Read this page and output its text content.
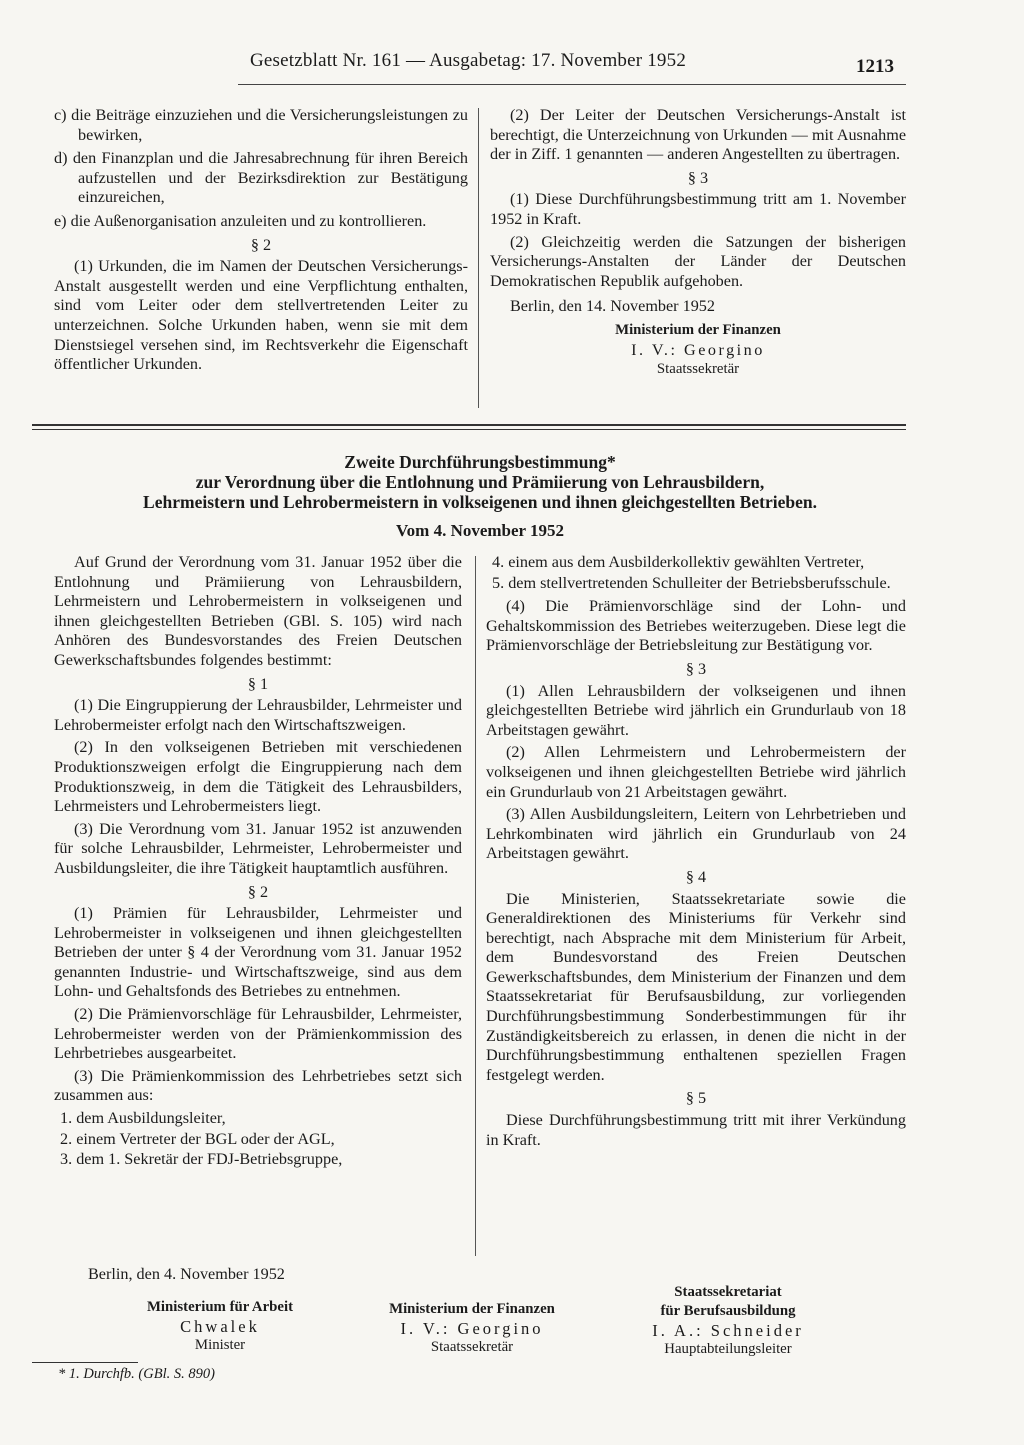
Gesetzblatt Nr. 161 — Ausgabetag: 17. November 1952	1213
c) die Beiträge einzuziehen und die Versicherungsleistungen zu bewirken,
d) den Finanzplan und die Jahresabrechnung für ihren Bereich aufzustellen und der Bezirksdirektion zur Bestätigung einzureichen,
e) die Außenorganisation anzuleiten und zu kontrollieren.
§ 2

(1) Urkunden, die im Namen der Deutschen Versicherungs-Anstalt ausgestellt werden und eine Verpflichtung enthalten, sind vom Leiter oder dem stellvertretenden Leiter zu unterzeichnen. Solche Urkunden haben, wenn sie mit dem Dienstsiegel versehen sind, im Rechtsverkehr die Eigenschaft öffentlicher Urkunden.

(2) Der Leiter der Deutschen Versicherungs-Anstalt ist berechtigt, die Unterzeichnung von Urkunden — mit Ausnahme der in Ziff. 1 genannten — anderen Angestellten zu übertragen.

§ 3

(1) Diese Durchführungsbestimmung tritt am 1. November 1952 in Kraft.

(2) Gleichzeitig werden die Satzungen der bisherigen Versicherungs-Anstalten der Länder der Deutschen Demokratischen Republik aufgehoben.

Berlin, den 14. November 1952

Ministerium der Finanzen
I. V.: Georgino
Staatssekretär
Zweite Durchführungsbestimmung*
zur Verordnung über die Entlohnung und Prämiierung von Lehrausbildern,
Lehrmeistern und Lehrobermeistern in volkseigenen und ihnen gleichgestellten Betrieben.
Vom 4. November 1952

Auf Grund der Verordnung vom 31. Januar 1952 über die Entlohnung und Prämiierung von Lehrausbildern, Lehrmeistern und Lehrobermeistern in volkseigenen und ihnen gleichgestellten Betrieben (GBl. S. 105) wird nach Anhören des Bundesvorstandes des Freien Deutschen Gewerkschaftsbundes folgendes bestimmt:

§ 1

(1) Die Eingruppierung der Lehrausbilder, Lehrmeister und Lehrobermeister erfolgt nach den Wirtschaftszweigen.

(2) In den volkseigenen Betrieben mit verschiedenen Produktionszweigen erfolgt die Eingruppierung nach dem Produktionszweig, in dem die Tätigkeit des Lehrausbilders, Lehrmeisters und Lehrobermeisters liegt.

(3) Die Verordnung vom 31. Januar 1952 ist anzuwenden für solche Lehrausbilder, Lehrmeister, Lehrobermeister und Ausbildungsleiter, die ihre Tätigkeit hauptamtlich ausführen.

§ 2

(1) Prämien für Lehrausbilder, Lehrmeister und Lehrobermeister in volkseigenen und ihnen gleichgestellten Betrieben der unter § 4 der Verordnung vom 31. Januar 1952 genannten Industrie- und Wirtschaftszweige, sind aus dem Lohn- und Gehaltsfonds des Betriebes zu entnehmen.

(2) Die Prämienvorschläge für Lehrausbilder, Lehrmeister, Lehrobermeister werden von der Prämienkommission des Lehrbetriebes ausgearbeitet.

(3) Die Prämienkommission des Lehrbetriebes setzt sich zusammen aus:

1. dem Ausbildungsleiter,
2. einem Vertreter der BGL oder der AGL,
3. dem 1. Sekretär der FDJ-Betriebsgruppe,
4. einem aus dem Ausbilderkollektiv gewählten Vertreter,
5. dem stellvertretenden Schulleiter der Betriebsberufsschule.

(4) Die Prämienvorschläge sind der Lohn- und Gehaltskommission des Betriebes weiterzugeben. Diese legt die Prämienvorschläge der Betriebsleitung zur Bestätigung vor.

§ 3

(1) Allen Lehrausbildern der volkseigenen und ihnen gleichgestellten Betriebe wird jährlich ein Grundurlaub von 18 Arbeitstagen gewährt.

(2) Allen Lehrmeistern und Lehrobermeistern der volkseigenen und ihnen gleichgestellten Betriebe wird jährlich ein Grundurlaub von 21 Arbeitstagen gewährt.

(3) Allen Ausbildungsleitern, Leitern von Lehrbetrieben und Lehrkombinaten wird jährlich ein Grundurlaub von 24 Arbeitstagen gewährt.

§ 4

Die Ministerien, Staatssekretariate sowie die Generaldirektionen des Ministeriums für Verkehr sind berechtigt, nach Absprache mit dem Ministerium für Arbeit, dem Bundesvorstand des Freien Deutschen Gewerkschaftsbundes, dem Ministerium der Finanzen und dem Staatssekretariat für Berufsausbildung, zur vorliegenden Durchführungsbestimmung Sonderbestimmungen für ihr Zuständigkeitsbereich zu erlassen, in denen die nicht in der Durchführungsbestimmung enthaltenen speziellen Fragen festgelegt werden.

§ 5

Diese Durchführungsbestimmung tritt mit ihrer Verkündung in Kraft.

Berlin, den 4. November 1952
Ministerium für Arbeit
Chwalek
Minister
Ministerium der Finanzen
I. V.: Georgino
Staatssekretär
Staatssekretariat
für Berufsausbildung
I. A.: Schneider
Hauptabteilungsleiter
* 1. Durchfb. (GBl. S. 890)
